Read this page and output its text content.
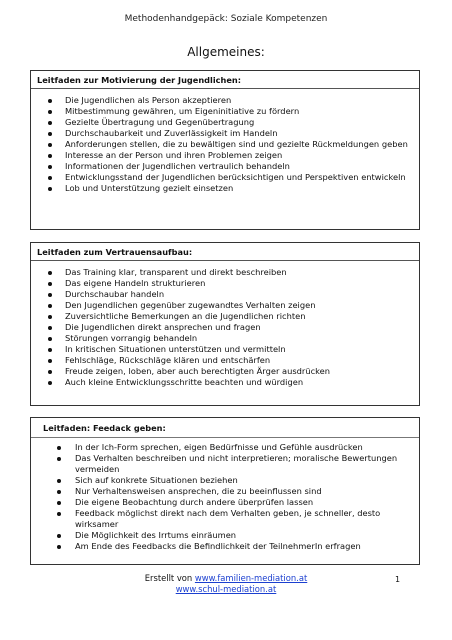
Methodenhandgepäck: Soziale Kompetenzen
Allgemeines:
Leitfaden zur Motivierung der Jugendlichen:
Die Jugendlichen als Person akzeptieren
Mitbestimmung gewähren, um Eigeninitiative zu fördern
Gezielte Übertragung und Gegenübertragung
Durchschaubarkeit und Zuverlässigkeit im Handeln
Anforderungen stellen, die zu bewältigen sind und gezielte Rückmeldungen geben
Interesse an der Person und ihren Problemen zeigen
Informationen der Jugendlichen vertraulich behandeln
Entwicklungsstand der Jugendlichen berücksichtigen und Perspektiven entwickeln
Lob und Unterstützung gezielt einsetzen
Leitfaden zum Vertrauensaufbau:
Das Training klar, transparent und direkt beschreiben
Das eigene Handeln strukturieren
Durchschaubar handeln
Den Jugendlichen gegenüber zugewandtes Verhalten zeigen
Zuversichtliche Bemerkungen an die Jugendlichen richten
Die Jugendlichen direkt ansprechen und fragen
Störungen vorrangig behandeln
In kritischen Situationen unterstützen und vermitteln
Fehlschläge, Rückschläge klären und entschärfen
Freude zeigen, loben, aber auch berechtigten Ärger ausdrücken
Auch kleine Entwicklungsschritte beachten und würdigen
Leitfaden: Feedack geben:
In der Ich-Form sprechen, eigen Bedürfnisse und Gefühle ausdrücken
Das Verhalten beschreiben und nicht interpretieren; moralische Bewertungen vermeiden
Sich auf konkrete Situationen beziehen
Nur Verhaltensweisen ansprechen, die zu beeinflussen sind
Die eigene Beobachtung durch andere überprüfen lassen
Feedback möglichst direkt nach dem Verhalten geben, je schneller, desto wirksamer
Die Möglichkeit des Irrtums einräumen
Am Ende des Feedbacks die Befindlichkeit der TeilnehmerIn erfragen
Erstellt von www.familien-mediation.at
www.schul-mediation.at
1
